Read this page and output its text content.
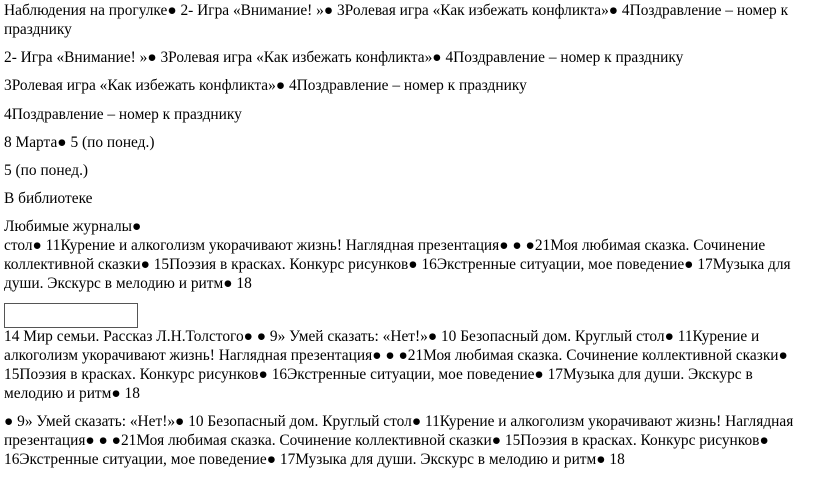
Наблюдения на прогулке● 2- Игра «Внимание! »● 3Ролевая игра «Как избежать конфликта»● 4Поздравление – номер к празднику

2- Игра «Внимание! »● 3Ролевая игра «Как избежать конфликта»● 4Поздравление – номер к празднику

3Ролевая игра «Как избежать конфликта»● 4Поздравление – номер к празднику

4Поздравление – номер к празднику

8 Марта● 5 (по понед.)

5 (по понед.)

В библиотеке

Любимые журналы●

стол● 11Курение и алкоголизм укорачивают жизнь! Наглядная презентация● ● ●21Моя любимая сказка. Сочинение коллективной сказки● 15Поэзия в красках. Конкурс рисунков● 16Экстренные ситуации, мое поведение● 17Музыка для души. Экскурс в мелодию и ритм● 18

14 Мир семьи. Рассказ Л.Н.Толстого● ● 9» Умей сказать: «Нет!»● 10 Безопасный дом. Круглый стол● 11Курение и алкоголизм укорачивают жизнь! Наглядная презентация● ● ●21Моя любимая сказка. Сочинение коллективной сказки● 15Поэзия в красках. Конкурс рисунков● 16Экстренные ситуации, мое поведение● 17Музыка для души. Экскурс в мелодию и ритм● 18

● 9» Умей сказать: «Нет!»● 10 Безопасный дом. Круглый стол● 11Курение и алкоголизм укорачивают жизнь! Наглядная презентация● ● ●21Моя любимая сказка. Сочинение коллективной сказки● 15Поэзия в красках. Конкурс рисунков● 16Экстренные ситуации, мое поведение● 17Музыка для души. Экскурс в мелодию и ритм● 18
